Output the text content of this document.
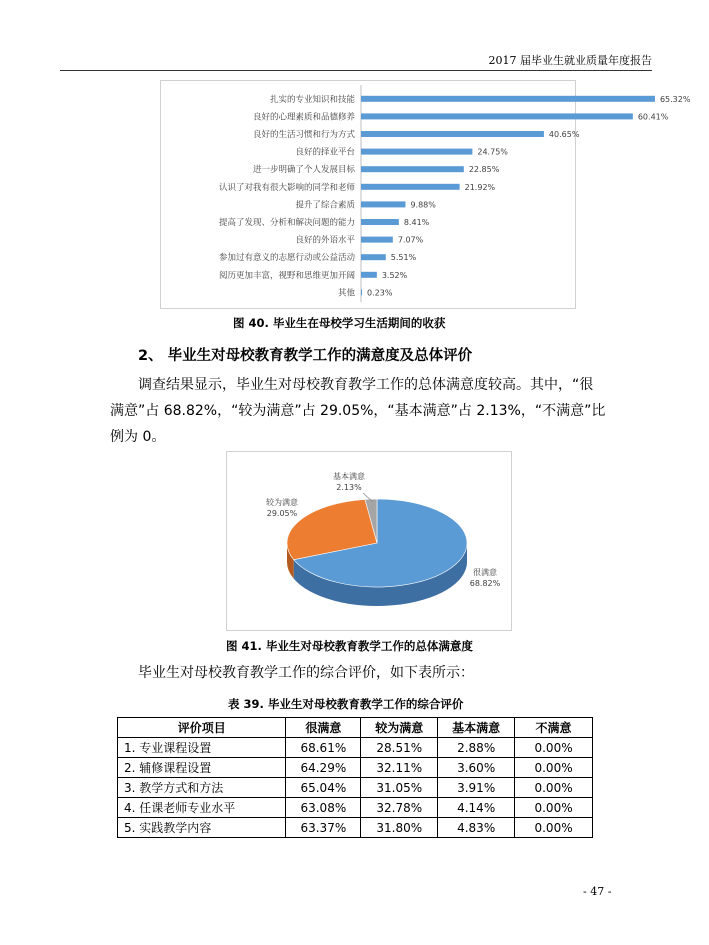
2017 届毕业生就业质量年度报告
扎实的专业知识和技能	65.32%
良好的心理素质和品德修养	60.41%
良好的生活习惯和行为方式	40.65%
良好的择业平台	24.75%
进一步明确了个人发展目标	22.85%
认识了对我有很大影响的同学和老师	21.92%
提升了综合素质	9.88%
提高了发现、分析和解决问题的能力	8.41%
良好的外语水平	7.07%
参加过有意义的志愿行动或公益活动	5.51%
阅历更加丰富，视野和思维更加开阔	3.52%
其他 0.23%
图 40. 毕业生在母校学习生活期间的收获
2、 毕业生对母校教育教学工作的满意度及总体评价
调查结果显示，毕业生对母校教育教学工作的总体满意度较高。其中，“很
满意”占 68.82%，“较为满意”占 29.05%，“基本满意”占 2.13%，“不满意”比
例为 0。
很满意
68.82%
较为满意
29.05%
基本满意
2.13%
图 41. 毕业生对母校教育教学工作的总体满意度
毕业生对母校教育教学工作的综合评价，如下表所示：
表 39. 毕业生对母校教育教学工作的综合评价
评价项目	很满意	较为满意	基本满意	不满意
1. 专业课程设置	68.61%	28.51%	2.88%	0.00%
2. 辅修课程设置	64.29%	32.11%	3.60%	0.00%
3. 教学方式和方法	65.04%	31.05%	3.91%	0.00%
4. 任课老师专业水平	63.08%	32.78%	4.14%	0.00%
5. 实践教学内容	63.37%	31.80%	4.83%	0.00%
- 47 -
